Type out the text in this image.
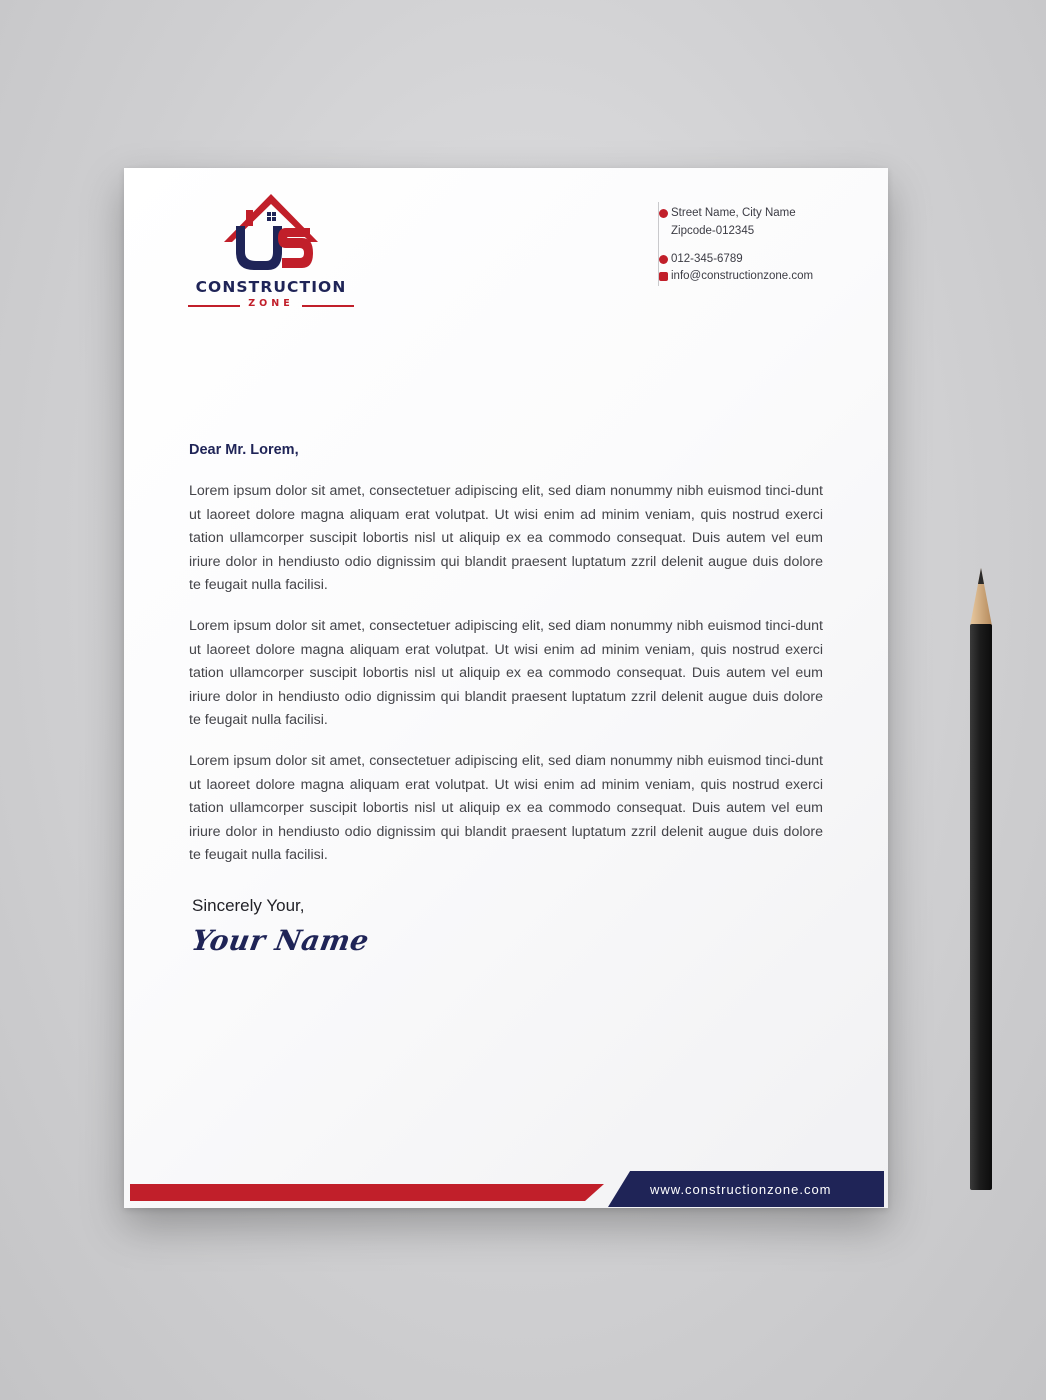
CONSTRUCTION
ZONE
Street Name, City Name
Zipcode-012345
012-345-6789
info@constructionzone.com
Dear Mr. Lorem,
Lorem ipsum dolor sit amet, consectetuer adipiscing elit, sed diam nonummy nibh euismod tinci-dunt ut laoreet dolore magna aliquam erat volutpat. Ut wisi enim ad minim veniam, quis nostrud exerci tation ullamcorper suscipit lobortis nisl ut aliquip ex ea commodo consequat. Duis autem vel eum iriure dolor in hendiusto odio dignissim qui blandit praesent luptatum zzril delenit augue duis dolore te feugait nulla facilisi.
Lorem ipsum dolor sit amet, consectetuer adipiscing elit, sed diam nonummy nibh euismod tinci-dunt ut laoreet dolore magna aliquam erat volutpat. Ut wisi enim ad minim veniam, quis nostrud exerci tation ullamcorper suscipit lobortis nisl ut aliquip ex ea commodo consequat. Duis autem vel eum iriure dolor in hendiusto odio dignissim qui blandit praesent luptatum zzril delenit augue duis dolore te feugait nulla facilisi.
Lorem ipsum dolor sit amet, consectetuer adipiscing elit, sed diam nonummy nibh euismod tinci-dunt ut laoreet dolore magna aliquam erat volutpat. Ut wisi enim ad minim veniam, quis nostrud exerci tation ullamcorper suscipit lobortis nisl ut aliquip ex ea commodo consequat. Duis autem vel eum iriure dolor in hendiusto odio dignissim qui blandit praesent luptatum zzril delenit augue duis dolore te feugait nulla facilisi.
Sincerely Your,
Your Name
www.constructionzone.com
